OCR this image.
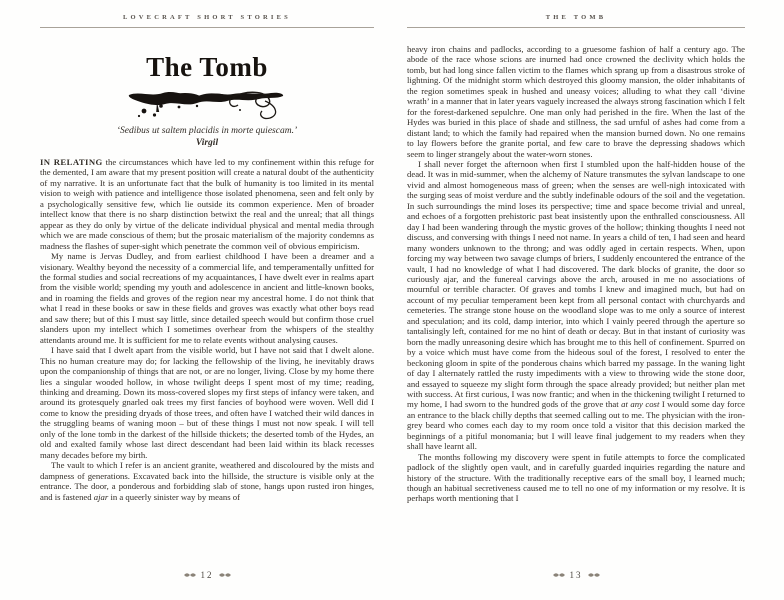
LOVECRAFT SHORT STORIES
The Tomb
‘Sedibus ut saltem placidis in morte quiescam.’
Virgil

IN RELATING the circumstances which have led to my confinement within this refuge for the demented, I am aware that my present position will create a natural doubt of the authenticity of my narrative. It is an unfortunate fact that the bulk of humanity is too limited in its mental vision to weigh with patience and intelligence those isolated phenomena, seen and felt only by a psychologically sensitive few, which lie outside its common experience. Men of broader intellect know that there is no sharp distinction betwixt the real and the unreal; that all things appear as they do only by virtue of the delicate individual physical and mental media through which we are made conscious of them; but the prosaic materialism of the majority condemns as madness the flashes of super-sight which penetrate the common veil of obvious empiricism.

My name is Jervas Dudley, and from earliest childhood I have been a dreamer and a visionary. Wealthy beyond the necessity of a commercial life, and temperamentally unfitted for the formal studies and social recreations of my acquaintances, I have dwelt ever in realms apart from the visible world; spending my youth and adolescence in ancient and little-known books, and in roaming the fields and groves of the region near my ancestral home. I do not think that what I read in these books or saw in these fields and groves was exactly what other boys read and saw there; but of this I must say little, since detailed speech would but confirm those cruel slanders upon my intellect which I sometimes overhear from the whispers of the stealthy attendants around me. It is sufficient for me to relate events without analysing causes.

I have said that I dwelt apart from the visible world, but I have not said that I dwelt alone. This no human creature may do; for lacking the fellowship of the living, he inevitably draws upon the companionship of things that are not, or are no longer, living. Close by my home there lies a singular wooded hollow, in whose twilight deeps I spent most of my time; reading, thinking and dreaming. Down its moss-covered slopes my first steps of infancy were taken, and around its grotesquely gnarled oak trees my first fancies of boyhood were woven. Well did I come to know the presiding dryads of those trees, and often have I watched their wild dances in the struggling beams of waning moon – but of these things I must not now speak. I will tell only of the lone tomb in the darkest of the hillside thickets; the deserted tomb of the Hydes, an old and exalted family whose last direct descendant had been laid within its black recesses many decades before my birth.

The vault to which I refer is an ancient granite, weathered and discoloured by the mists and dampness of generations. Excavated back into the hillside, the structure is visible only at the entrance. The door, a ponderous and forbidding slab of stone, hangs upon rusted iron hinges, and is fastened ajar in a queerly sinister way by means of

12
THE TOMB

heavy iron chains and padlocks, according to a gruesome fashion of half a century ago. The abode of the race whose scions are inurned had once crowned the declivity which holds the tomb, but had long since fallen victim to the flames which sprang up from a disastrous stroke of lightning. Of the midnight storm which destroyed this gloomy mansion, the older inhabitants of the region sometimes speak in hushed and uneasy voices; alluding to what they call ‘divine wrath’ in a manner that in later years vaguely increased the always strong fascination which I felt for the forest-darkened sepulchre. One man only had perished in the fire. When the last of the Hydes was buried in this place of shade and stillness, the sad urnful of ashes had come from a distant land; to which the family had repaired when the mansion burned down. No one remains to lay flowers before the granite portal, and few care to brave the depressing shadows which seem to linger strangely about the water-worn stones.

I shall never forget the afternoon when first I stumbled upon the half-hidden house of the dead. It was in mid-summer, when the alchemy of Nature transmutes the sylvan landscape to one vivid and almost homogeneous mass of green; when the senses are well-nigh intoxicated with the surging seas of moist verdure and the subtly indefinable odours of the soil and the vegetation. In such surroundings the mind loses its perspective; time and space become trivial and unreal, and echoes of a forgotten prehistoric past beat insistently upon the enthralled consciousness. All day I had been wandering through the mystic groves of the hollow; thinking thoughts I need not discuss, and conversing with things I need not name. In years a child of ten, I had seen and heard many wonders unknown to the throng; and was oddly aged in certain respects. When, upon forcing my way between two savage clumps of briers, I suddenly encountered the entrance of the vault, I had no knowledge of what I had discovered. The dark blocks of granite, the door so curiously ajar, and the funereal carvings above the arch, aroused in me no associations of mournful or terrible character. Of graves and tombs I knew and imagined much, but had on account of my peculiar temperament been kept from all personal contact with churchyards and cemeteries. The strange stone house on the woodland slope was to me only a source of interest and speculation; and its cold, damp interior, into which I vainly peered through the aperture so tantalisingly left, contained for me no hint of death or decay. But in that instant of curiosity was born the madly unreasoning desire which has brought me to this hell of confinement. Spurred on by a voice which must have come from the hideous soul of the forest, I resolved to enter the beckoning gloom in spite of the ponderous chains which barred my passage. In the waning light of day I alternately rattled the rusty impediments with a view to throwing wide the stone door, and essayed to squeeze my slight form through the space already provided; but neither plan met with success. At first curious, I was now frantic; and when in the thickening twilight I returned to my home, I had sworn to the hundred gods of the grove that at any cost I would some day force an entrance to the black chilly depths that seemed calling out to me. The physician with the iron-grey beard who comes each day to my room once told a visitor that this decision marked the beginnings of a pitiful monomania; but I will leave final judgement to my readers when they shall have learnt all.

The months following my discovery were spent in futile attempts to force the complicated padlock of the slightly open vault, and in carefully guarded inquiries regarding the nature and history of the structure. With the traditionally receptive ears of the small boy, I learned much; though an habitual secretiveness caused me to tell no one of my information or my resolve. It is perhaps worth mentioning that I

13
